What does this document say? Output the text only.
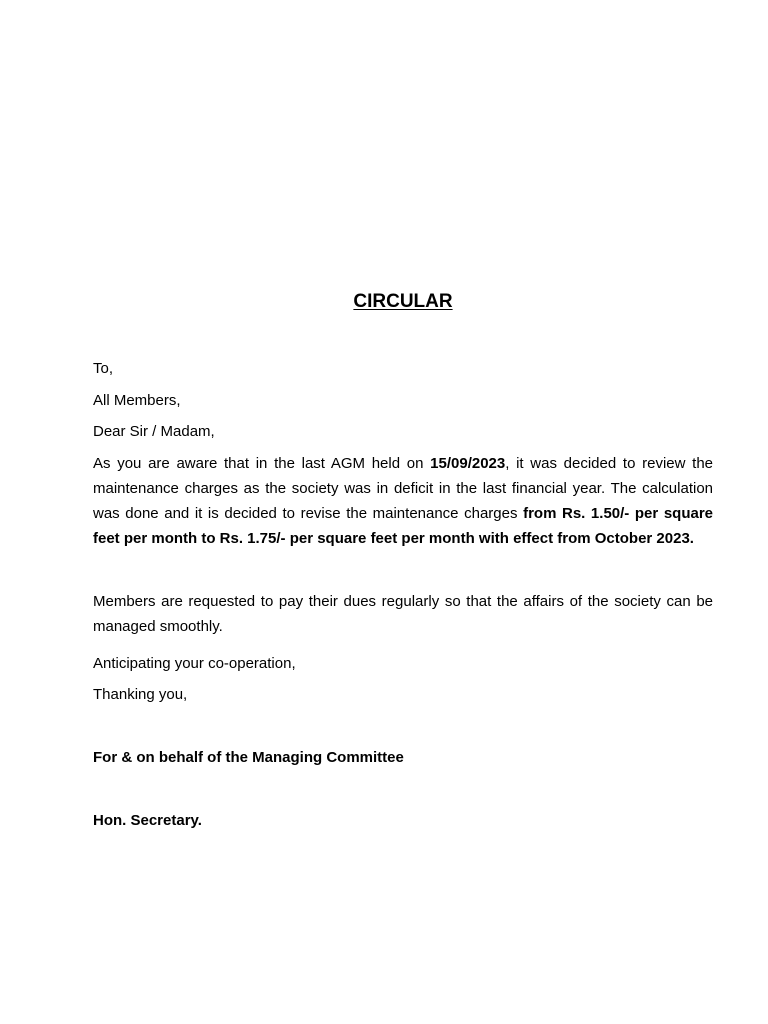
CIRCULAR
To,
All Members,
Dear Sir / Madam,
As you are aware that in the last AGM held on 15/09/2023, it was decided to review the maintenance charges as the society was in deficit in the last financial year. The calculation was done and it is decided to revise the maintenance charges from Rs. 1.50/- per square feet per month to Rs. 1.75/- per square feet per month with effect from October 2023.
Members are requested to pay their dues regularly so that the affairs of the society can be managed smoothly.
Anticipating your co-operation,
Thanking you,
For & on behalf of the Managing Committee
Hon. Secretary.
